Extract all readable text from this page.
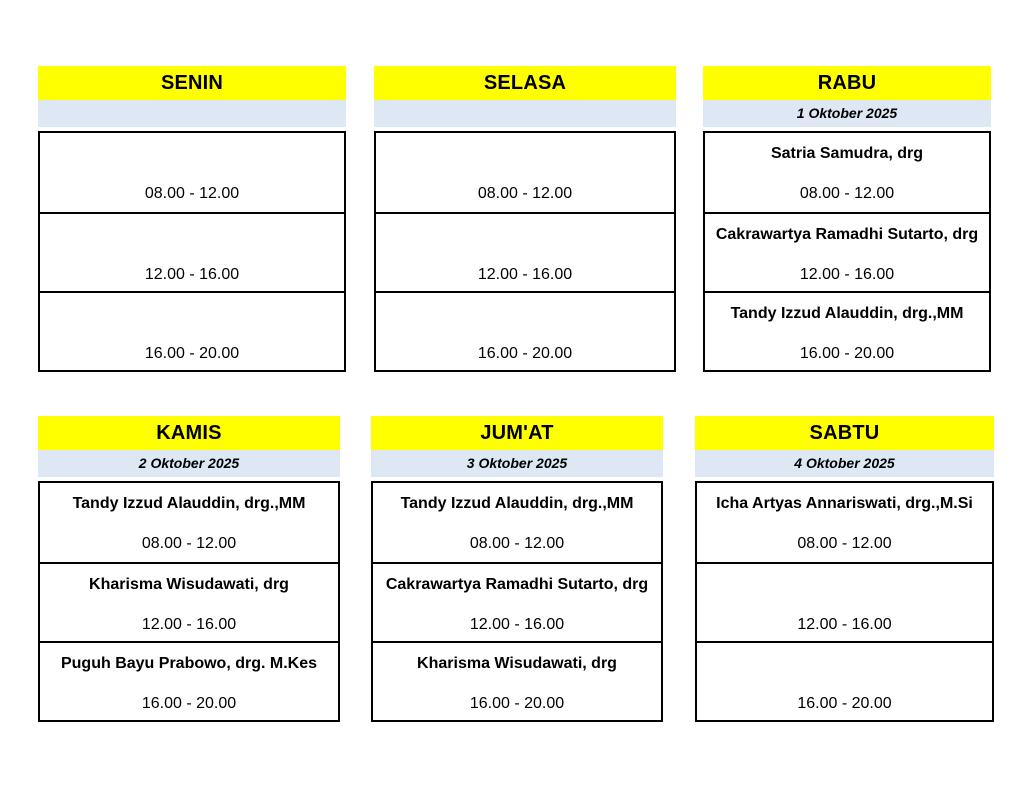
SENIN
08.00 - 12.00
12.00 - 16.00
16.00 - 20.00
SELASA
08.00 - 12.00
12.00 - 16.00
16.00 - 20.00
RABU
1 Oktober 2025
Satria Samudra, drg
08.00 - 12.00
Cakrawartya Ramadhi Sutarto, drg
12.00 - 16.00
Tandy Izzud Alauddin, drg.,MM
16.00 - 20.00
KAMIS
2 Oktober 2025
Tandy Izzud Alauddin, drg.,MM
08.00 - 12.00
Kharisma Wisudawati, drg
12.00 - 16.00
Puguh Bayu Prabowo, drg. M.Kes
16.00 - 20.00
JUM'AT
3 Oktober 2025
Tandy Izzud Alauddin, drg.,MM
08.00 - 12.00
Cakrawartya Ramadhi Sutarto, drg
12.00 - 16.00
Kharisma Wisudawati, drg
16.00 - 20.00
SABTU
4 Oktober 2025
Icha Artyas Annariswati, drg.,M.Si
08.00 - 12.00
12.00 - 16.00
16.00 - 20.00
